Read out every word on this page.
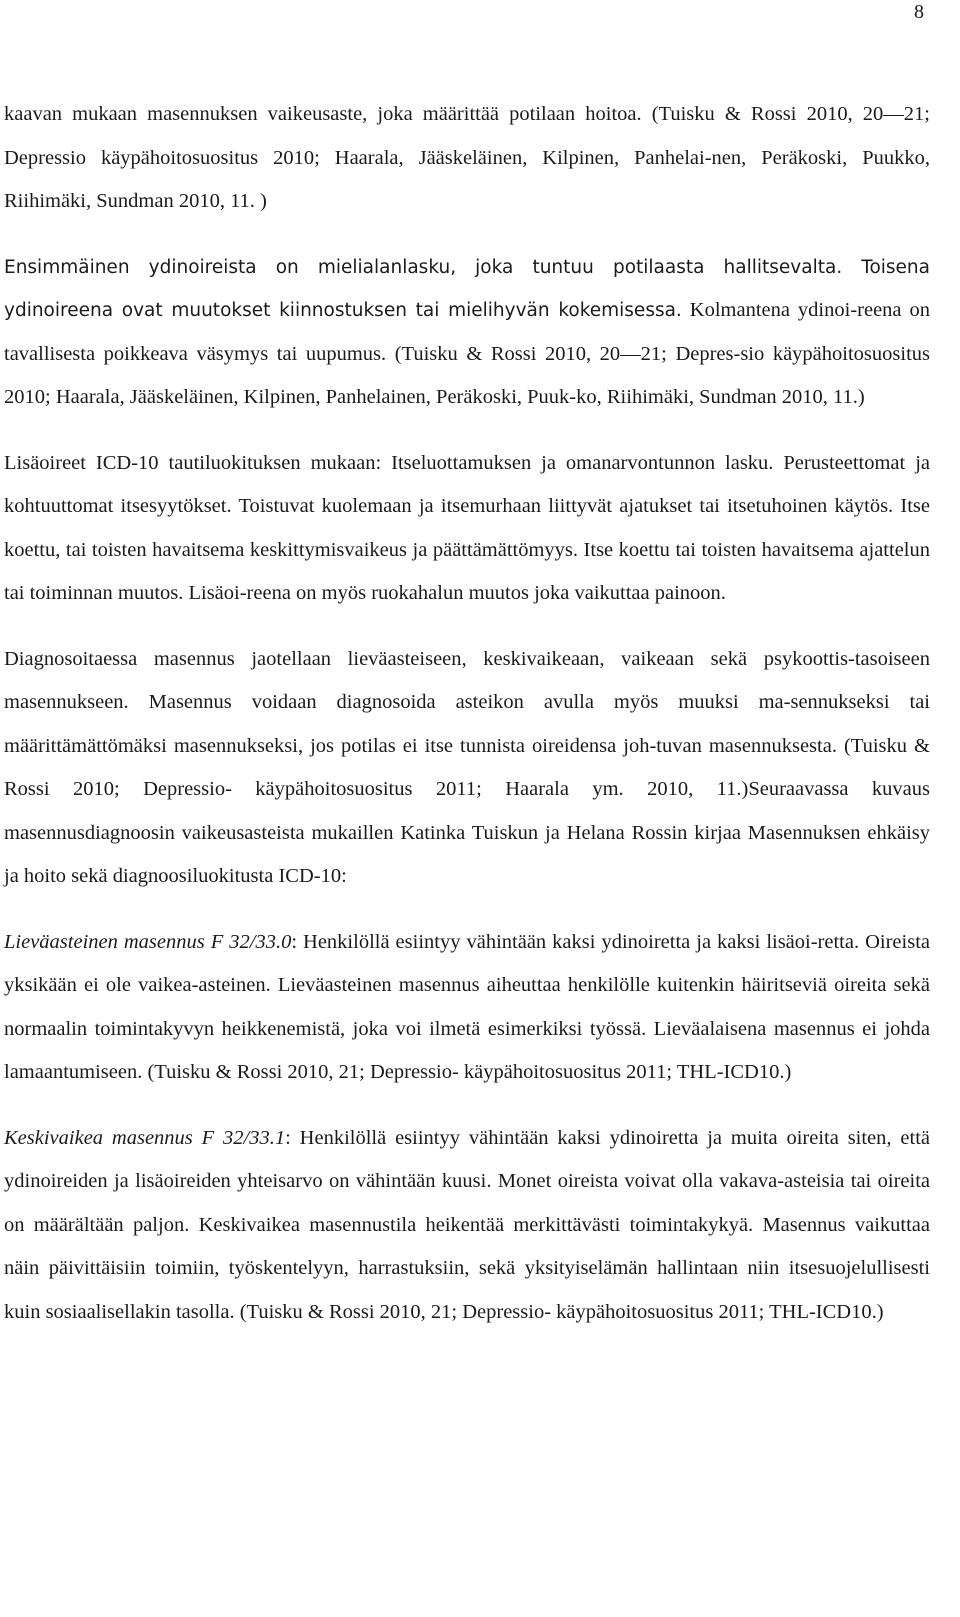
8

kaavan mukaan masennuksen vaikeusaste, joka määrittää potilaan hoitoa. (Tuisku & Rossi 2010, 20—21; Depressio käypähoitosuositus 2010; Haarala, Jääskeläinen, Kilpinen, Panhelai-nen, Peräkoski, Puukko, Riihimäki, Sundman 2010, 11. )

Ensimmäinen ydinoireista on mielialanlasku, joka tuntuu potilaasta hallitsevalta. Toisena ydinoireena ovat muutokset kiinnostuksen tai mielihyvän kokemisessa. Kolmantena ydinoi-reena on tavallisesta poikkeava väsymys tai uupumus. (Tuisku & Rossi 2010, 20—21; Depres-sio käypähoitosuositus 2010; Haarala, Jääskeläinen, Kilpinen, Panhelainen, Peräkoski, Puuk-ko, Riihimäki, Sundman 2010, 11.)

Lisäoireet ICD-10 tautiluokituksen mukaan: Itseluottamuksen ja omanarvontunnon lasku. Perusteettomat ja kohtuuttomat itsesyytökset. Toistuvat kuolemaan ja itsemurhaan liittyvät ajatukset tai itsetuhoinen käytös. Itse koettu, tai toisten havaitsema keskittymisvaikeus ja päättämättömyys. Itse koettu tai toisten havaitsema ajattelun tai toiminnan muutos. Lisäoi-reena on myös ruokahalun muutos joka vaikuttaa painoon.

Diagnosoitaessa masennus jaotellaan lieväasteiseen, keskivaikeaan, vaikeaan sekä psykoottis-tasoiseen masennukseen. Masennus voidaan diagnosoida asteikon avulla myös muuksi ma-sennukseksi tai määrittämättömäksi masennukseksi, jos potilas ei itse tunnista oireidensa joh-tuvan masennuksesta. (Tuisku & Rossi 2010; Depressio- käypähoitosuositus 2011; Haarala ym. 2010, 11.)Seuraavassa kuvaus masennusdiagnoosin vaikeusasteista mukaillen Katinka Tuiskun ja Helana Rossin kirjaa Masennuksen ehkäisy ja hoito sekä diagnoosiluokitusta ICD-10:

Lieväasteinen masennus F 32/33.0: Henkilöllä esiintyy vähintään kaksi ydinoiretta ja kaksi lisäoi-retta. Oireista yksikään ei ole vaikea-asteinen. Lieväasteinen masennus aiheuttaa henkilölle kuitenkin häiritseviä oireita sekä normaalin toimintakyvyn heikkenemistä, joka voi ilmetä esimerkiksi työssä. Lieväalaisena masennus ei johda lamaantumiseen. (Tuisku & Rossi 2010, 21; Depressio- käypähoitosuositus 2011; THL-ICD10.)

Keskivaikea masennus F 32/33.1: Henkilöllä esiintyy vähintään kaksi ydinoiretta ja muita oireita siten, että ydinoireiden ja lisäoireiden yhteisarvo on vähintään kuusi. Monet oireista voivat olla vakava-asteisia tai oireita on määrältään paljon. Keskivaikea masennustila heikentää merkittävästi toimintakykyä. Masennus vaikuttaa näin päivittäisiin toimiin, työskentelyyn, harrastuksiin, sekä yksityiselämän hallintaan niin itsesuojelullisesti kuin sosiaalisellakin tasolla. (Tuisku & Rossi 2010, 21; Depressio- käypähoitosuositus 2011; THL-ICD10.)
